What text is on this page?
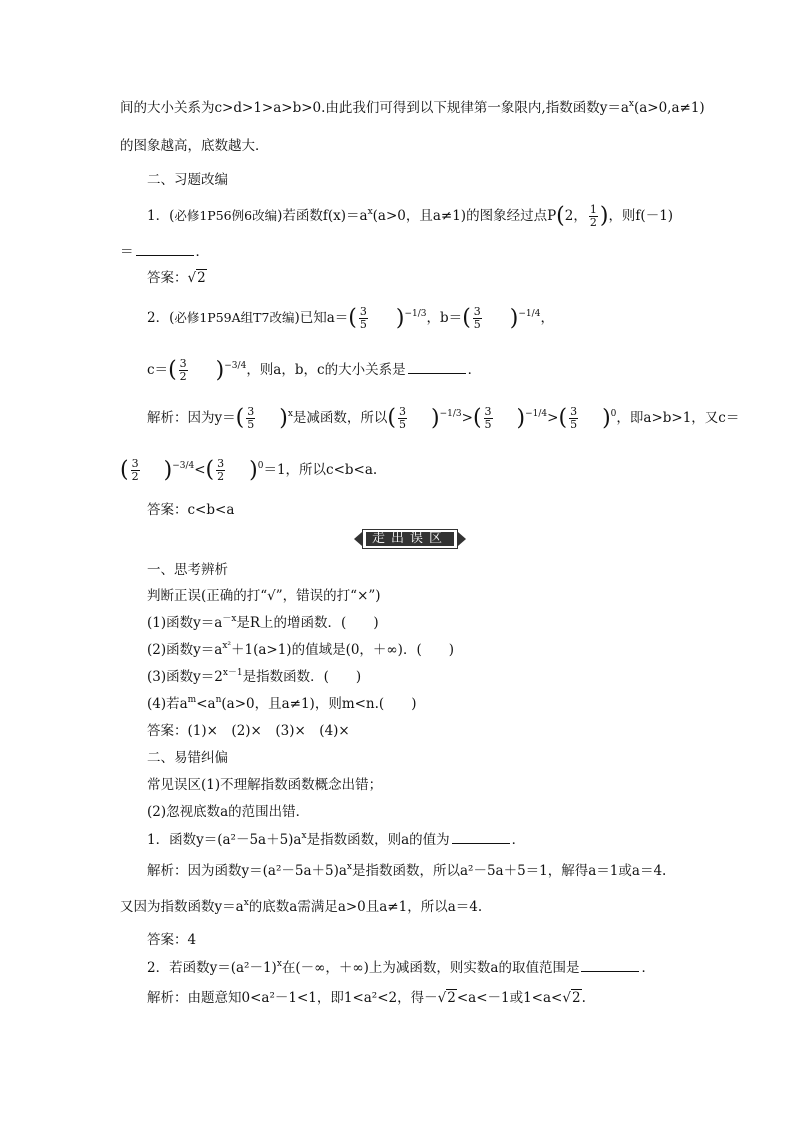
间的大小关系为c>d>1>a>b>0.由此我们可得到以下规律第一象限内,指数函数$y=a^x(a>0,a\ne 1)$
的图象越高，底数越大．
二、习题改编
1．(必修1P56例6改编)若函数$f(x)=a^x(a>0$，且a≠1)的图象经过点P(2， $\frac{1}{2}$ )，则f(－1)
＝	．
答案：√2
2．(必修1P59A组T7改编)已知$a=( \frac{3}{5} )^{-1/3}$，$b=( \frac{3}{5} )^{-1/4}$，
$c=( \frac{3}{2} )^{-3/4}$，则a，b，c的大小关系是	．
解析：因为$y=( \frac{3}{5} )^x$是减函数，所以( $\frac{3}{5} )^{-1/3}>( \frac{3}{5} )^{-1/4}>( \frac{3}{5} )^0$，即a>b>1，又c＝
( $\frac{3}{2} )^{-3/4}<( \frac{3}{2} )^0=1$，所以c<b<a.
答案：c<b<a
走出误区
一、思考辨析
判断正误(正确的打“√”，错误的打“×”)
(1)函数$y=a^{-x}$是R上的增函数．(　　)
(2)函数$y=a^{x^2}+1(a>1)$的值域是(0，＋∞)．(　　)
(3)函数$y=2^{x-1}$是指数函数．(　　)
(4)若$a^m<a^n(a>0$，且a≠1)，则m<n.(　　)
答案：(1)×　(2)×　(3)×　(4)×
二、易错纠偏
常见误区(1)不理解指数函数概念出错；
(2)忽视底数a的范围出错．
1．函数$y=(a^2-5a+5)a^x$是指数函数，则a的值为	．
解析：因为函数$y=(a^2-5a+5)a^x$是指数函数，所以a²－5a＋5＝1，解得a＝1或a＝4.
又因为指数函数$y=a^x$的底数a需满足a>0且a≠1，所以a＝4.
答案：4
2．若函数$y=(a^2-1)^x$在(－∞，＋∞)上为减函数，则实数a的取值范围是	．
解析：由题意知0<a²－1<1，即1<a²<2，得－√2<a<－1或1<a<√2.
